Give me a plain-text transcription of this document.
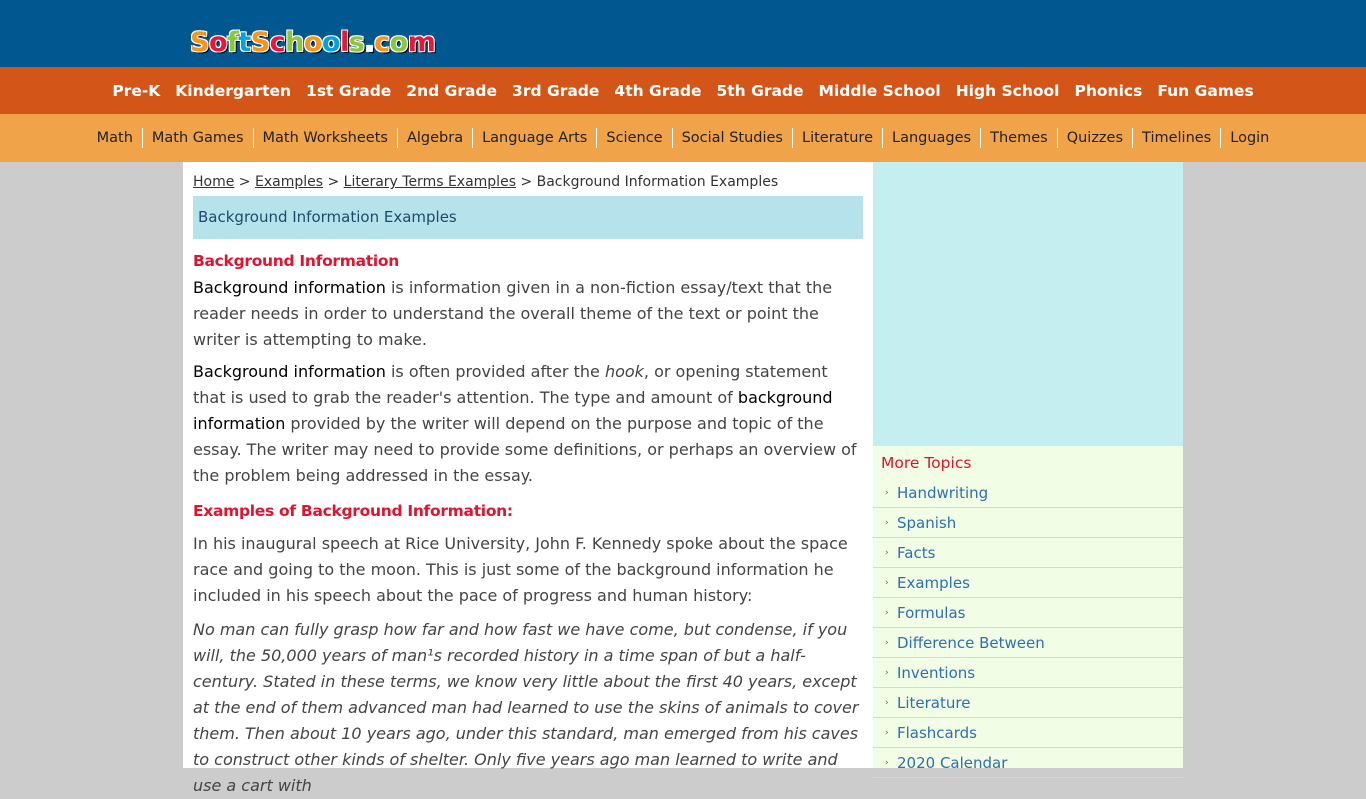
SoftSchools.com
Pre-K Kindergarten 1st Grade 2nd Grade 3rd Grade 4th Grade 5th Grade Middle School High School Phonics Fun Games
Math	Math Games	Math Worksheets	Algebra	Language Arts	Science	Social Studies	Literature	Languages	Themes	Quizzes	Timelines	Login
Home > Examples > Literary Terms Examples > Background Information Examples
Background Information Examples
Background Information

Background information is information given in a non-fiction essay/text that the reader needs in order to understand the overall theme of the text or point the writer is attempting to make.

Background information is often provided after the hook, or opening statement that is used to grab the reader's attention. The type and amount of background information provided by the writer will depend on the purpose and topic of the essay. The writer may need to provide some definitions, or perhaps an overview of the problem being addressed in the essay.

Examples of Background Information:

In his inaugural speech at Rice University, John F. Kennedy spoke about the space race and going to the moon. This is just some of the background information he included in his speech about the pace of progress and human history:

No man can fully grasp how far and how fast we have come, but condense, if you will, the 50,000 years of man¹s recorded history in a time span of but a half-century. Stated in these terms, we know very little about the first 40 years, except at the end of them advanced man had learned to use the skins of animals to cover them. Then about 10 years ago, under this standard, man emerged from his caves to construct other kinds of shelter. Only five years ago man learned to write and use a cart with

More Topics
› Handwriting
› Spanish
› Facts
› Examples
› Formulas
› Difference Between
› Inventions
› Literature
› Flashcards
› 2020 Calendar
